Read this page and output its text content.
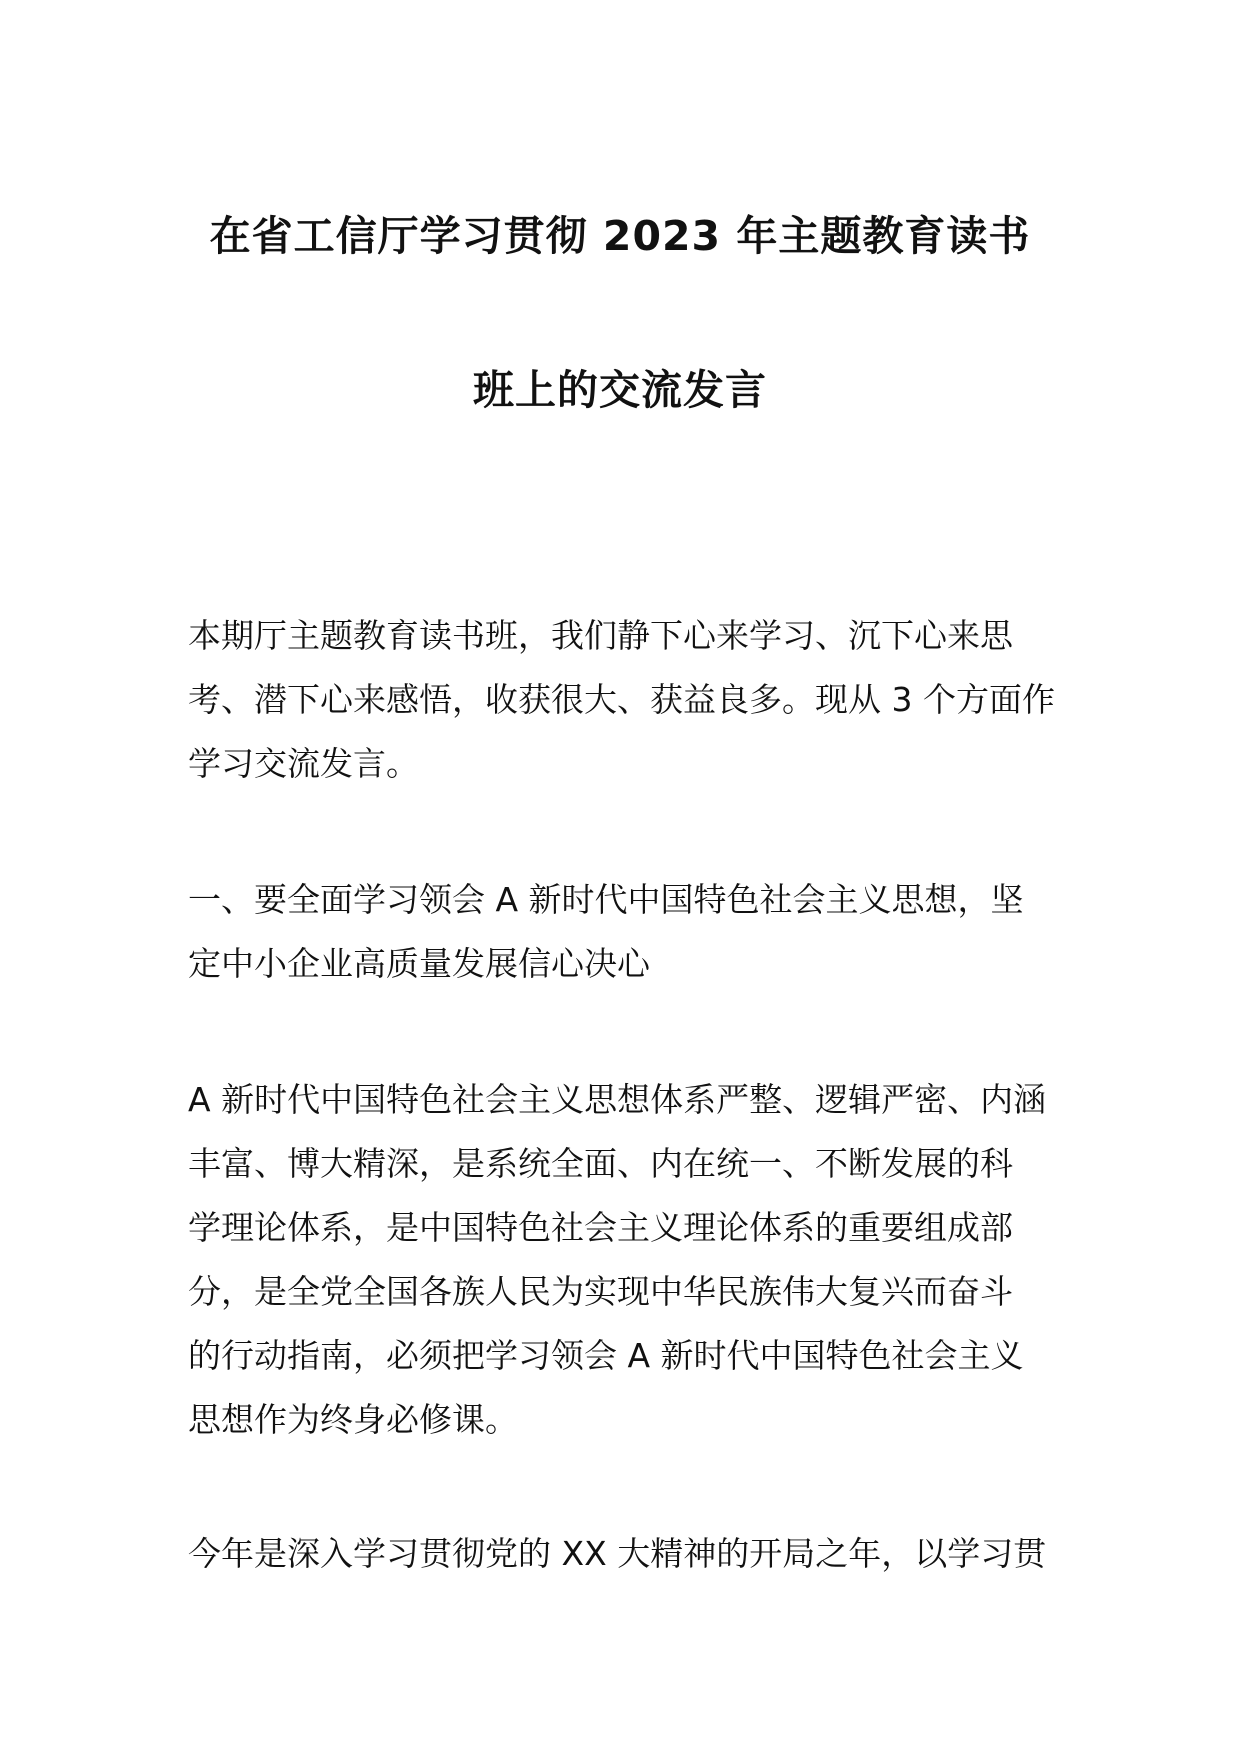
在省工信厅学习贯彻 2023 年主题教育读书
班上的交流发言
本期厅主题教育读书班，我们静下心来学习、沉下心来思
考、潜下心来感悟，收获很大、获益良多。现从 3 个方面作
学习交流发言。
一、要全面学习领会 A 新时代中国特色社会主义思想，坚
定中小企业高质量发展信心决心
A 新时代中国特色社会主义思想体系严整、逻辑严密、内涵
丰富、博大精深，是系统全面、内在统一、不断发展的科
学理论体系，是中国特色社会主义理论体系的重要组成部
分，是全党全国各族人民为实现中华民族伟大复兴而奋斗
的行动指南，必须把学习领会 A 新时代中国特色社会主义
思想作为终身必修课。
今年是深入学习贯彻党的 XX 大精神的开局之年，以学习贯
